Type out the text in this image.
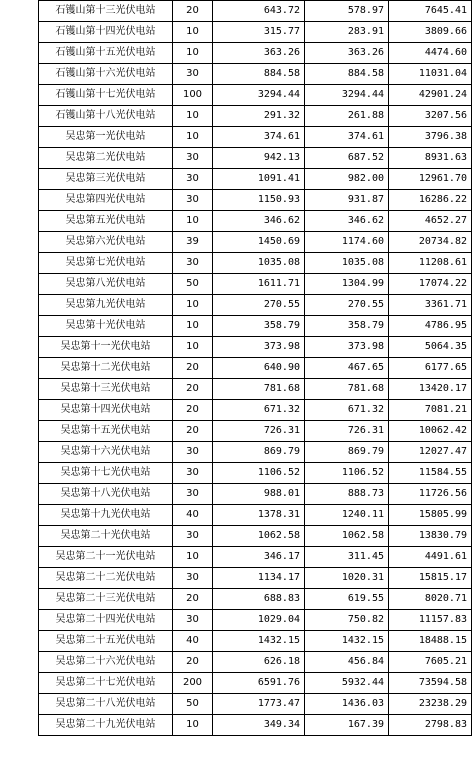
石镬山第十三光伏电站	20	643.72	578.97	7645.41
石镬山第十四光伏电站	10	315.77	283.91	3809.66
石镬山第十五光伏电站	10	363.26	363.26	4474.60
石镬山第十六光伏电站	30	884.58	884.58	11031.04
石镬山第十七光伏电站	100	3294.44	3294.44	42901.24
石镬山第十八光伏电站	10	291.32	261.88	3207.56
吴忠第一光伏电站	10	374.61	374.61	3796.38
吴忠第二光伏电站	30	942.13	687.52	8931.63
吴忠第三光伏电站	30	1091.41	982.00	12961.70
吴忠第四光伏电站	30	1150.93	931.87	16286.22
吴忠第五光伏电站	10	346.62	346.62	4652.27
吴忠第六光伏电站	39	1450.69	1174.60	20734.82
吴忠第七光伏电站	30	1035.08	1035.08	11208.61
吴忠第八光伏电站	50	1611.71	1304.99	17074.22
吴忠第九光伏电站	10	270.55	270.55	3361.71
吴忠第十光伏电站	10	358.79	358.79	4786.95
吴忠第十一光伏电站	10	373.98	373.98	5064.35
吴忠第十二光伏电站	20	640.90	467.65	6177.65
吴忠第十三光伏电站	20	781.68	781.68	13420.17
吴忠第十四光伏电站	20	671.32	671.32	7081.21
吴忠第十五光伏电站	20	726.31	726.31	10062.42
吴忠第十六光伏电站	30	869.79	869.79	12027.47
吴忠第十七光伏电站	30	1106.52	1106.52	11584.55
吴忠第十八光伏电站	30	988.01	888.73	11726.56
吴忠第十九光伏电站	40	1378.31	1240.11	15805.99
吴忠第二十光伏电站	30	1062.58	1062.58	13830.79
吴忠第二十一光伏电站	10	346.17	311.45	4491.61
吴忠第二十二光伏电站	30	1134.17	1020.31	15815.17
吴忠第二十三光伏电站	20	688.83	619.55	8020.71
吴忠第二十四光伏电站	30	1029.04	750.82	11157.83
吴忠第二十五光伏电站	40	1432.15	1432.15	18488.15
吴忠第二十六光伏电站	20	626.18	456.84	7605.21
吴忠第二十七光伏电站	200	6591.76	5932.44	73594.58
吴忠第二十八光伏电站	50	1773.47	1436.03	23238.29
吴忠第二十九光伏电站	10	349.34	167.39	2798.83
